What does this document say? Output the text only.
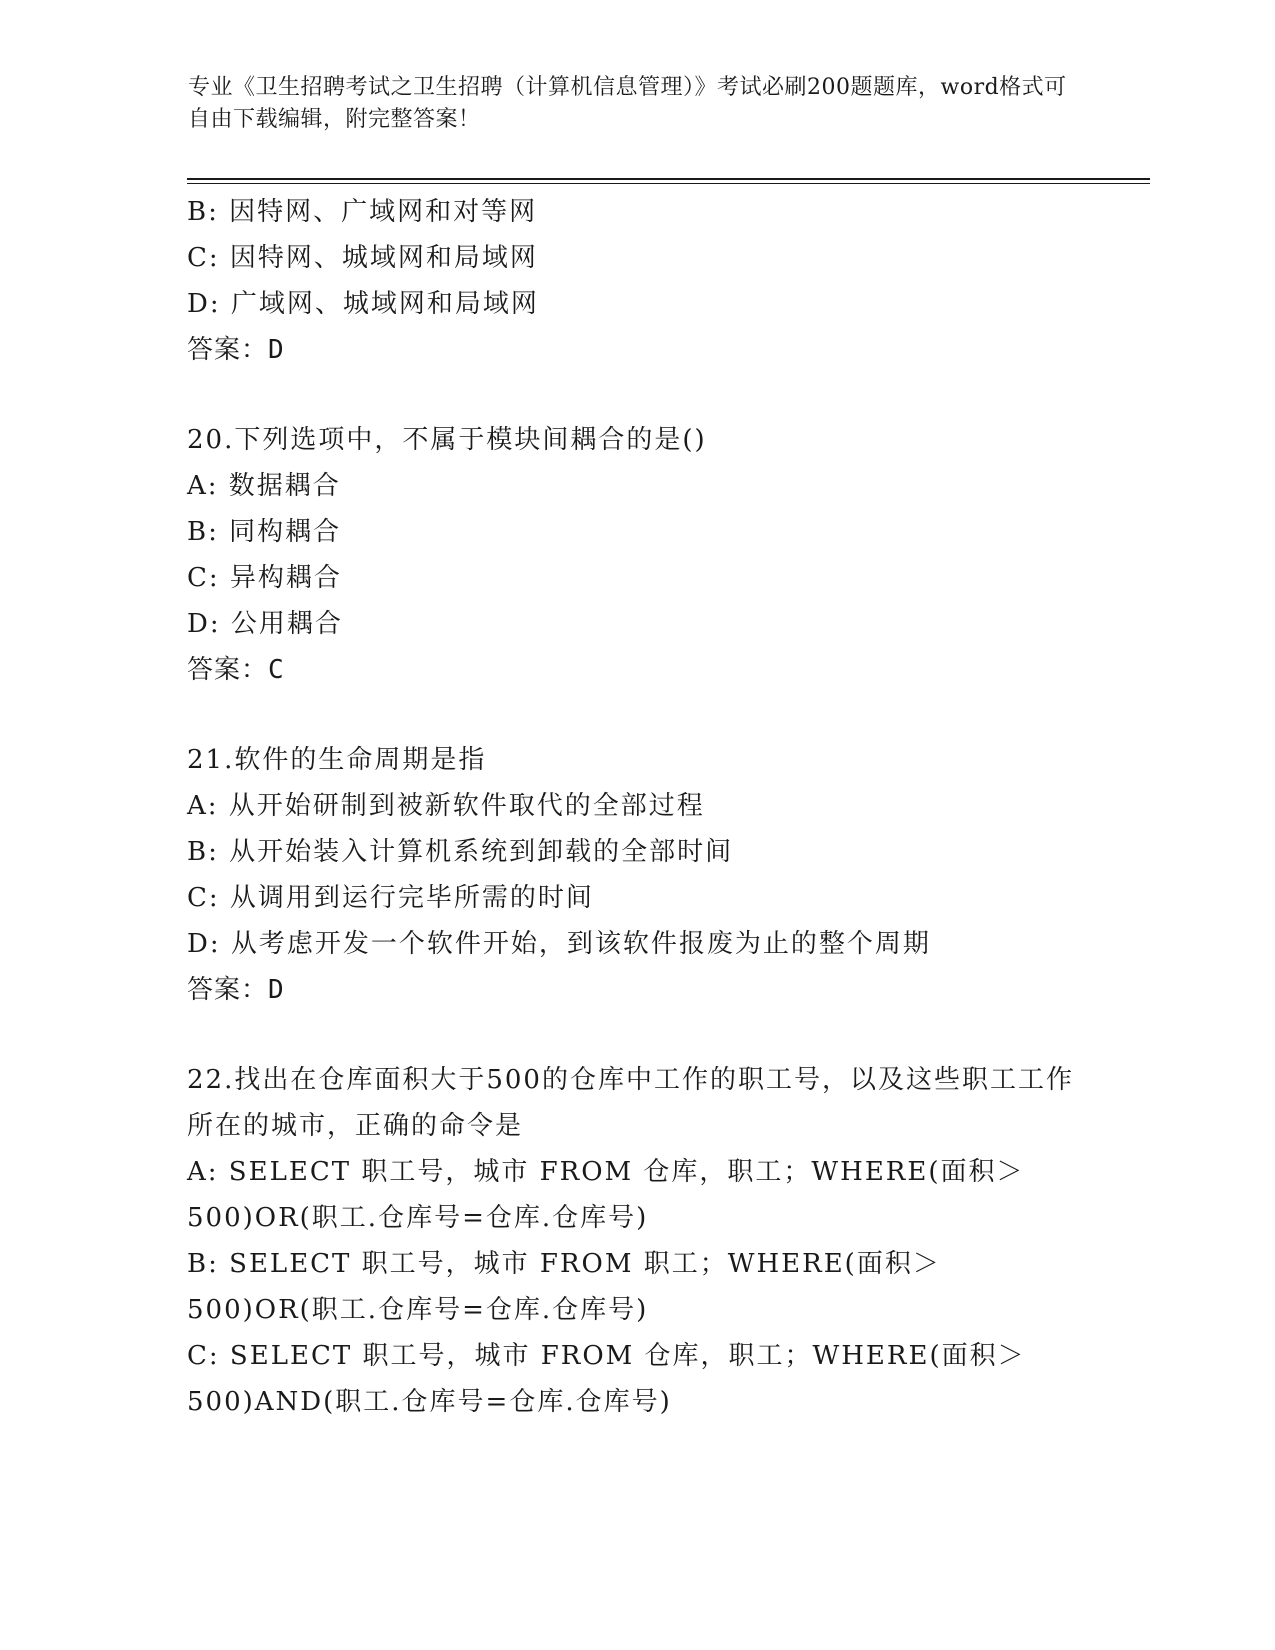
专业《卫生招聘考试之卫生招聘（计算机信息管理）》考试必刷200题题库，word格式可自由下载编辑，附完整答案！

B: 因特网、广域网和对等网
C: 因特网、城域网和局域网
D: 广域网、城域网和局域网
答案：D
20.下列选项中，不属于模块间耦合的是()
A: 数据耦合
B: 同构耦合
C: 异构耦合
D: 公用耦合
答案：C
21.软件的生命周期是指
A: 从开始研制到被新软件取代的全部过程
B: 从开始装入计算机系统到卸载的全部时间
C: 从调用到运行完毕所需的时间
D: 从考虑开发一个软件开始，到该软件报废为止的整个周期
答案：D
22.找出在仓库面积大于500的仓库中工作的职工号，以及这些职工工作所在的城市，正确的命令是
A: SELECT 职工号，城市 FROM 仓库，职工；WHERE(面积＞500)OR(职工.仓库号=仓库.仓库号)
B: SELECT 职工号，城市 FROM 职工；WHERE(面积＞500)OR(职工.仓库号=仓库.仓库号)
C: SELECT 职工号，城市 FROM 仓库，职工；WHERE(面积＞500)AND(职工.仓库号=仓库.仓库号)
